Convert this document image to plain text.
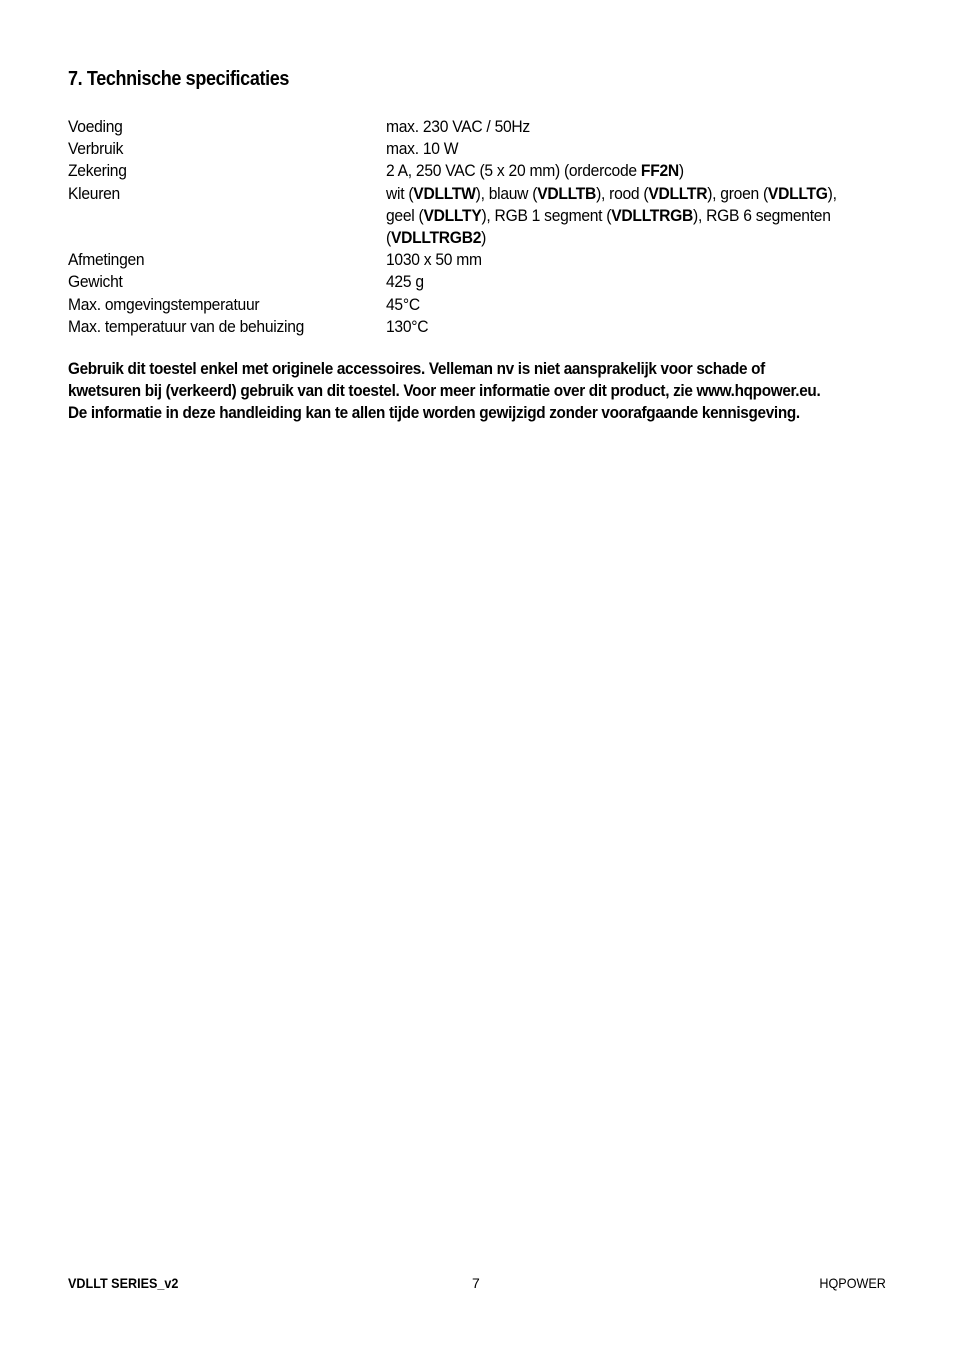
7. Technische specificaties
Voeding	max. 230 VAC / 50Hz
Verbruik	max. 10 W
Zekering	2 A, 250 VAC (5 x 20 mm) (ordercode FF2N)
Kleuren	wit (VDLLTW), blauw (VDLLTB), rood (VDLLTR), groen (VDLLTG),
geel (VDLLTY), RGB 1 segment (VDLLTRGB), RGB 6 segmenten
(VDLLTRGB2)
Afmetingen	1030 x 50 mm
Gewicht	425 g
Max. omgevingstemperatuur	45°C
Max. temperatuur van de behuizing	130°C
Gebruik dit toestel enkel met originele accessoires. Velleman nv is niet aansprakelijk voor schade of
kwetsuren bij (verkeerd) gebruik van dit toestel. Voor meer informatie over dit product, zie www.hqpower.eu.
De informatie in deze handleiding kan te allen tijde worden gewijzigd zonder voorafgaande kennisgeving.
VDLLT SERIES_v2	7	HQPOWER
